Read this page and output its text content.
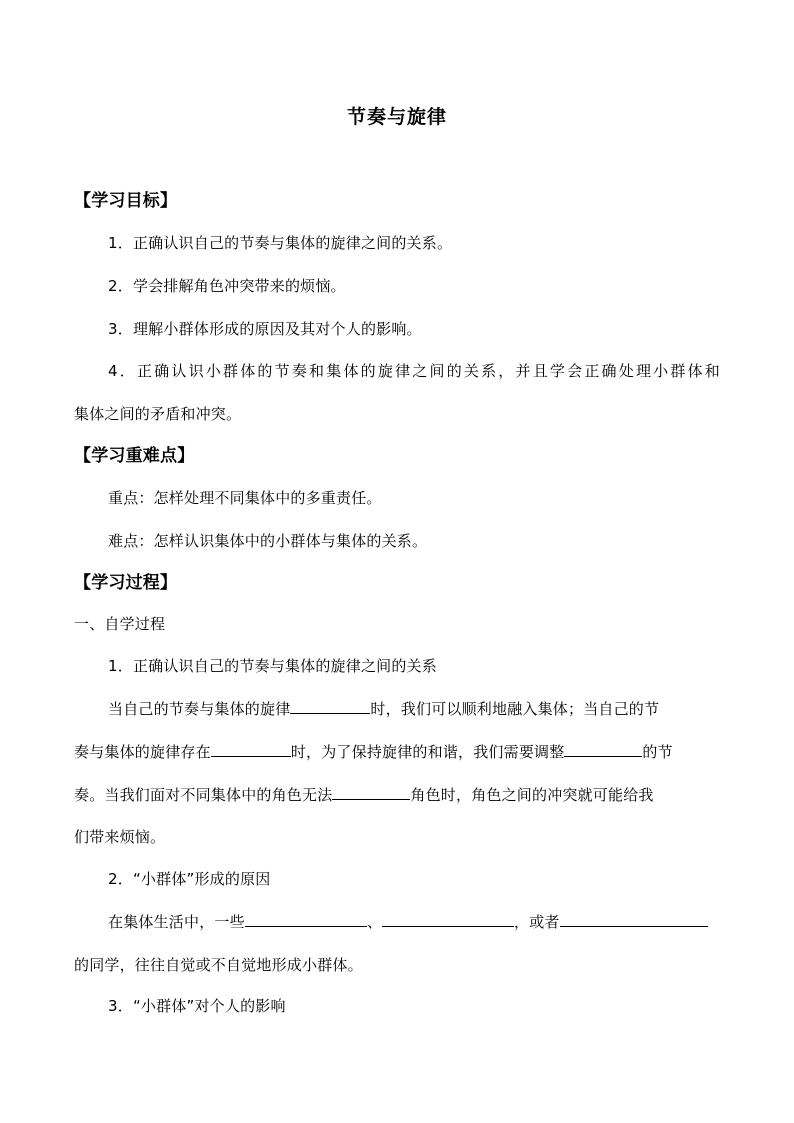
节奏与旋律
【学习目标】
1．正确认识自己的节奏与集体的旋律之间的关系。
2．学会排解角色冲突带来的烦恼。
3．理解小群体形成的原因及其对个人的影响。
4．正确认识小群体的节奏和集体的旋律之间的关系，并且学会正确处理小群体和
集体之间的矛盾和冲突。
【学习重难点】
重点：怎样处理不同集体中的多重责任。
难点：怎样认识集体中的小群体与集体的关系。
【学习过程】
一、自学过程
1．正确认识自己的节奏与集体的旋律之间的关系
当自己的节奏与集体的旋律	时，我们可以顺利地融入集体；当自己的节
奏与集体的旋律存在	时，为了保持旋律的和谐，我们需要调整	的节
奏。当我们面对不同集体中的角色无法	角色时，角色之间的冲突就可能给我
们带来烦恼。
2．“小群体”形成的原因
在集体生活中，一些	、	，或者
的同学，往往自觉或不自觉地形成小群体。
3．“小群体”对个人的影响
